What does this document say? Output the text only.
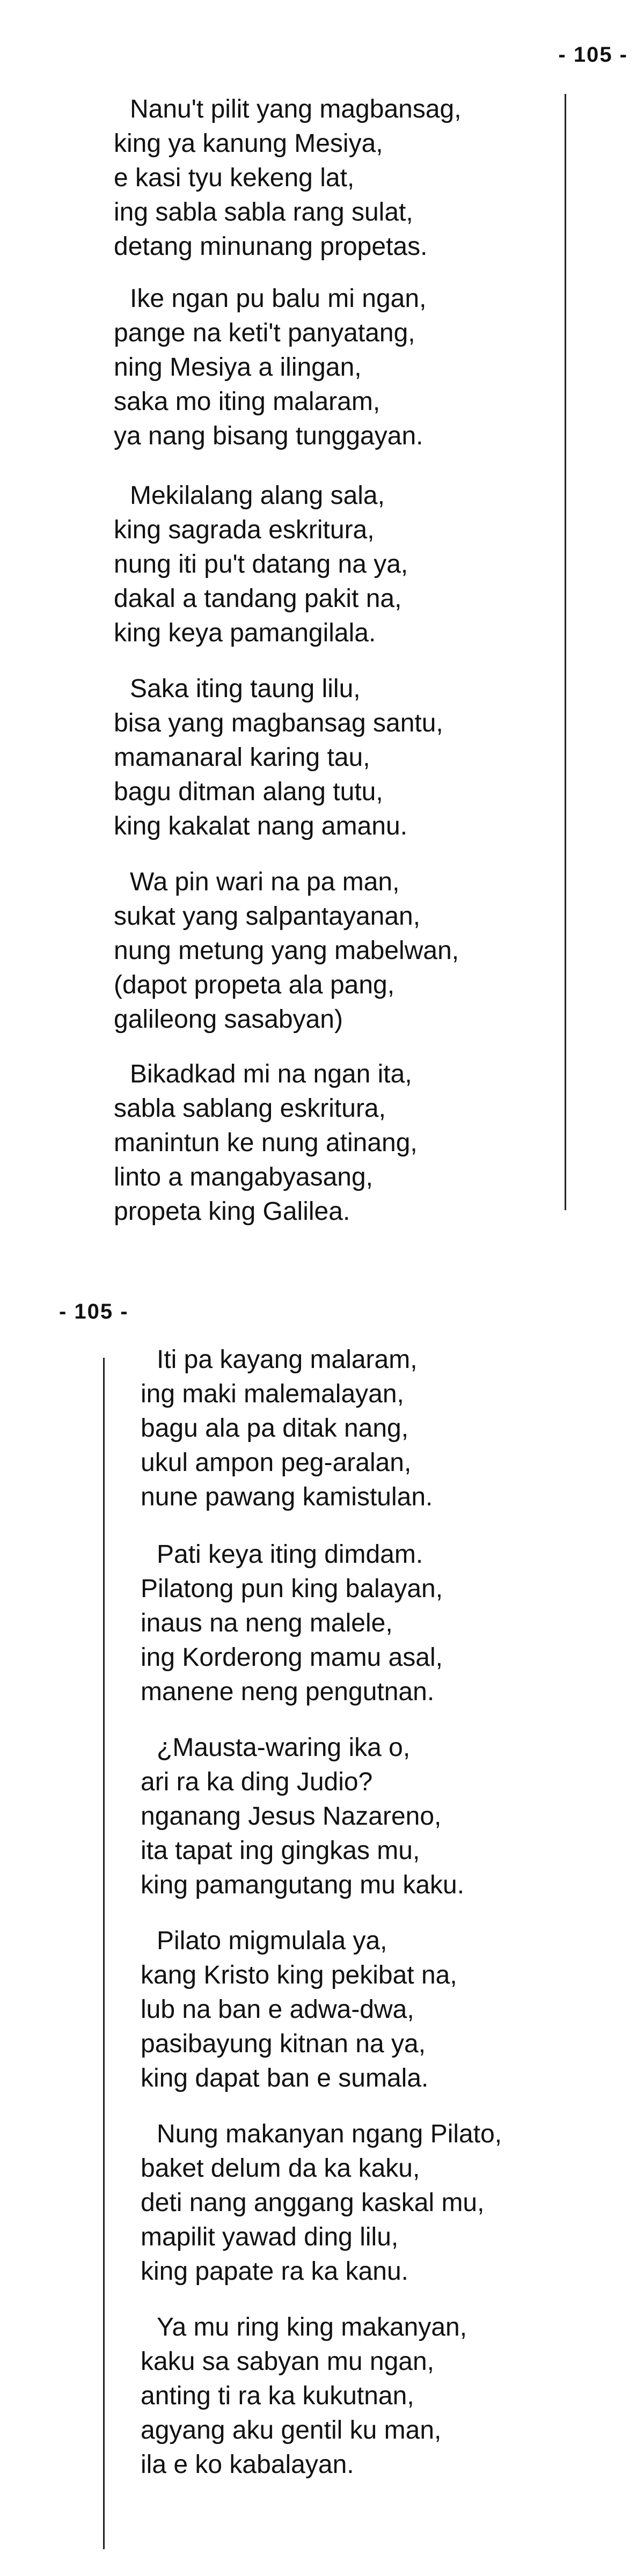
- 105 -
Nanu't pilit yang magbansag,
king ya kanung Mesiya,
e kasi tyu kekeng lat,
ing sabla sabla rang sulat,
detang minunang propetas.
Ike ngan pu balu mi ngan,
pange na keti't panyatang,
ning Mesiya a ilingan,
saka mo iting malaram,
ya nang bisang tunggayan.
Mekilalang alang sala,
king sagrada eskritura,
nung iti pu't datang na ya,
dakal a tandang pakit na,
king keya pamangilala.
Saka iting taung lilu,
bisa yang magbansag santu,
mamanaral karing tau,
bagu ditman alang tutu,
king kakalat nang amanu.
Wa pin wari na pa man,
sukat yang salpantayanan,
nung metung yang mabelwan,
(dapot propeta ala pang,
galileong sasabyan)
Bikadkad mi na ngan ita,
sabla sablang eskritura,
manintun ke nung atinang,
linto a mangabyasang,
propeta king Galilea.
- 105 -
Iti pa kayang malaram,
ing maki malemalayan,
bagu ala pa ditak nang,
ukul ampon peg-aralan,
nune pawang kamistulan.
Pati keya iting dimdam.
Pilatong pun king balayan,
inaus na neng malele,
ing Korderong mamu asal,
manene neng pengutnan.
¿Mausta-waring ika o,
ari ra ka ding Judio?
nganang Jesus Nazareno,
ita tapat ing gingkas mu,
king pamangutang mu kaku.
Pilato migmulala ya,
kang Kristo king pekibat na,
lub na ban e adwa-dwa,
pasibayung kitnan na ya,
king dapat ban e sumala.
Nung makanyan ngang Pilato,
baket delum da ka kaku,
deti nang anggang kaskal mu,
mapilit yawad ding lilu,
king papate ra ka kanu.
Ya mu ring king makanyan,
kaku sa sabyan mu ngan,
anting ti ra ka kukutnan,
agyang aku gentil ku man,
ila e ko kabalayan.
